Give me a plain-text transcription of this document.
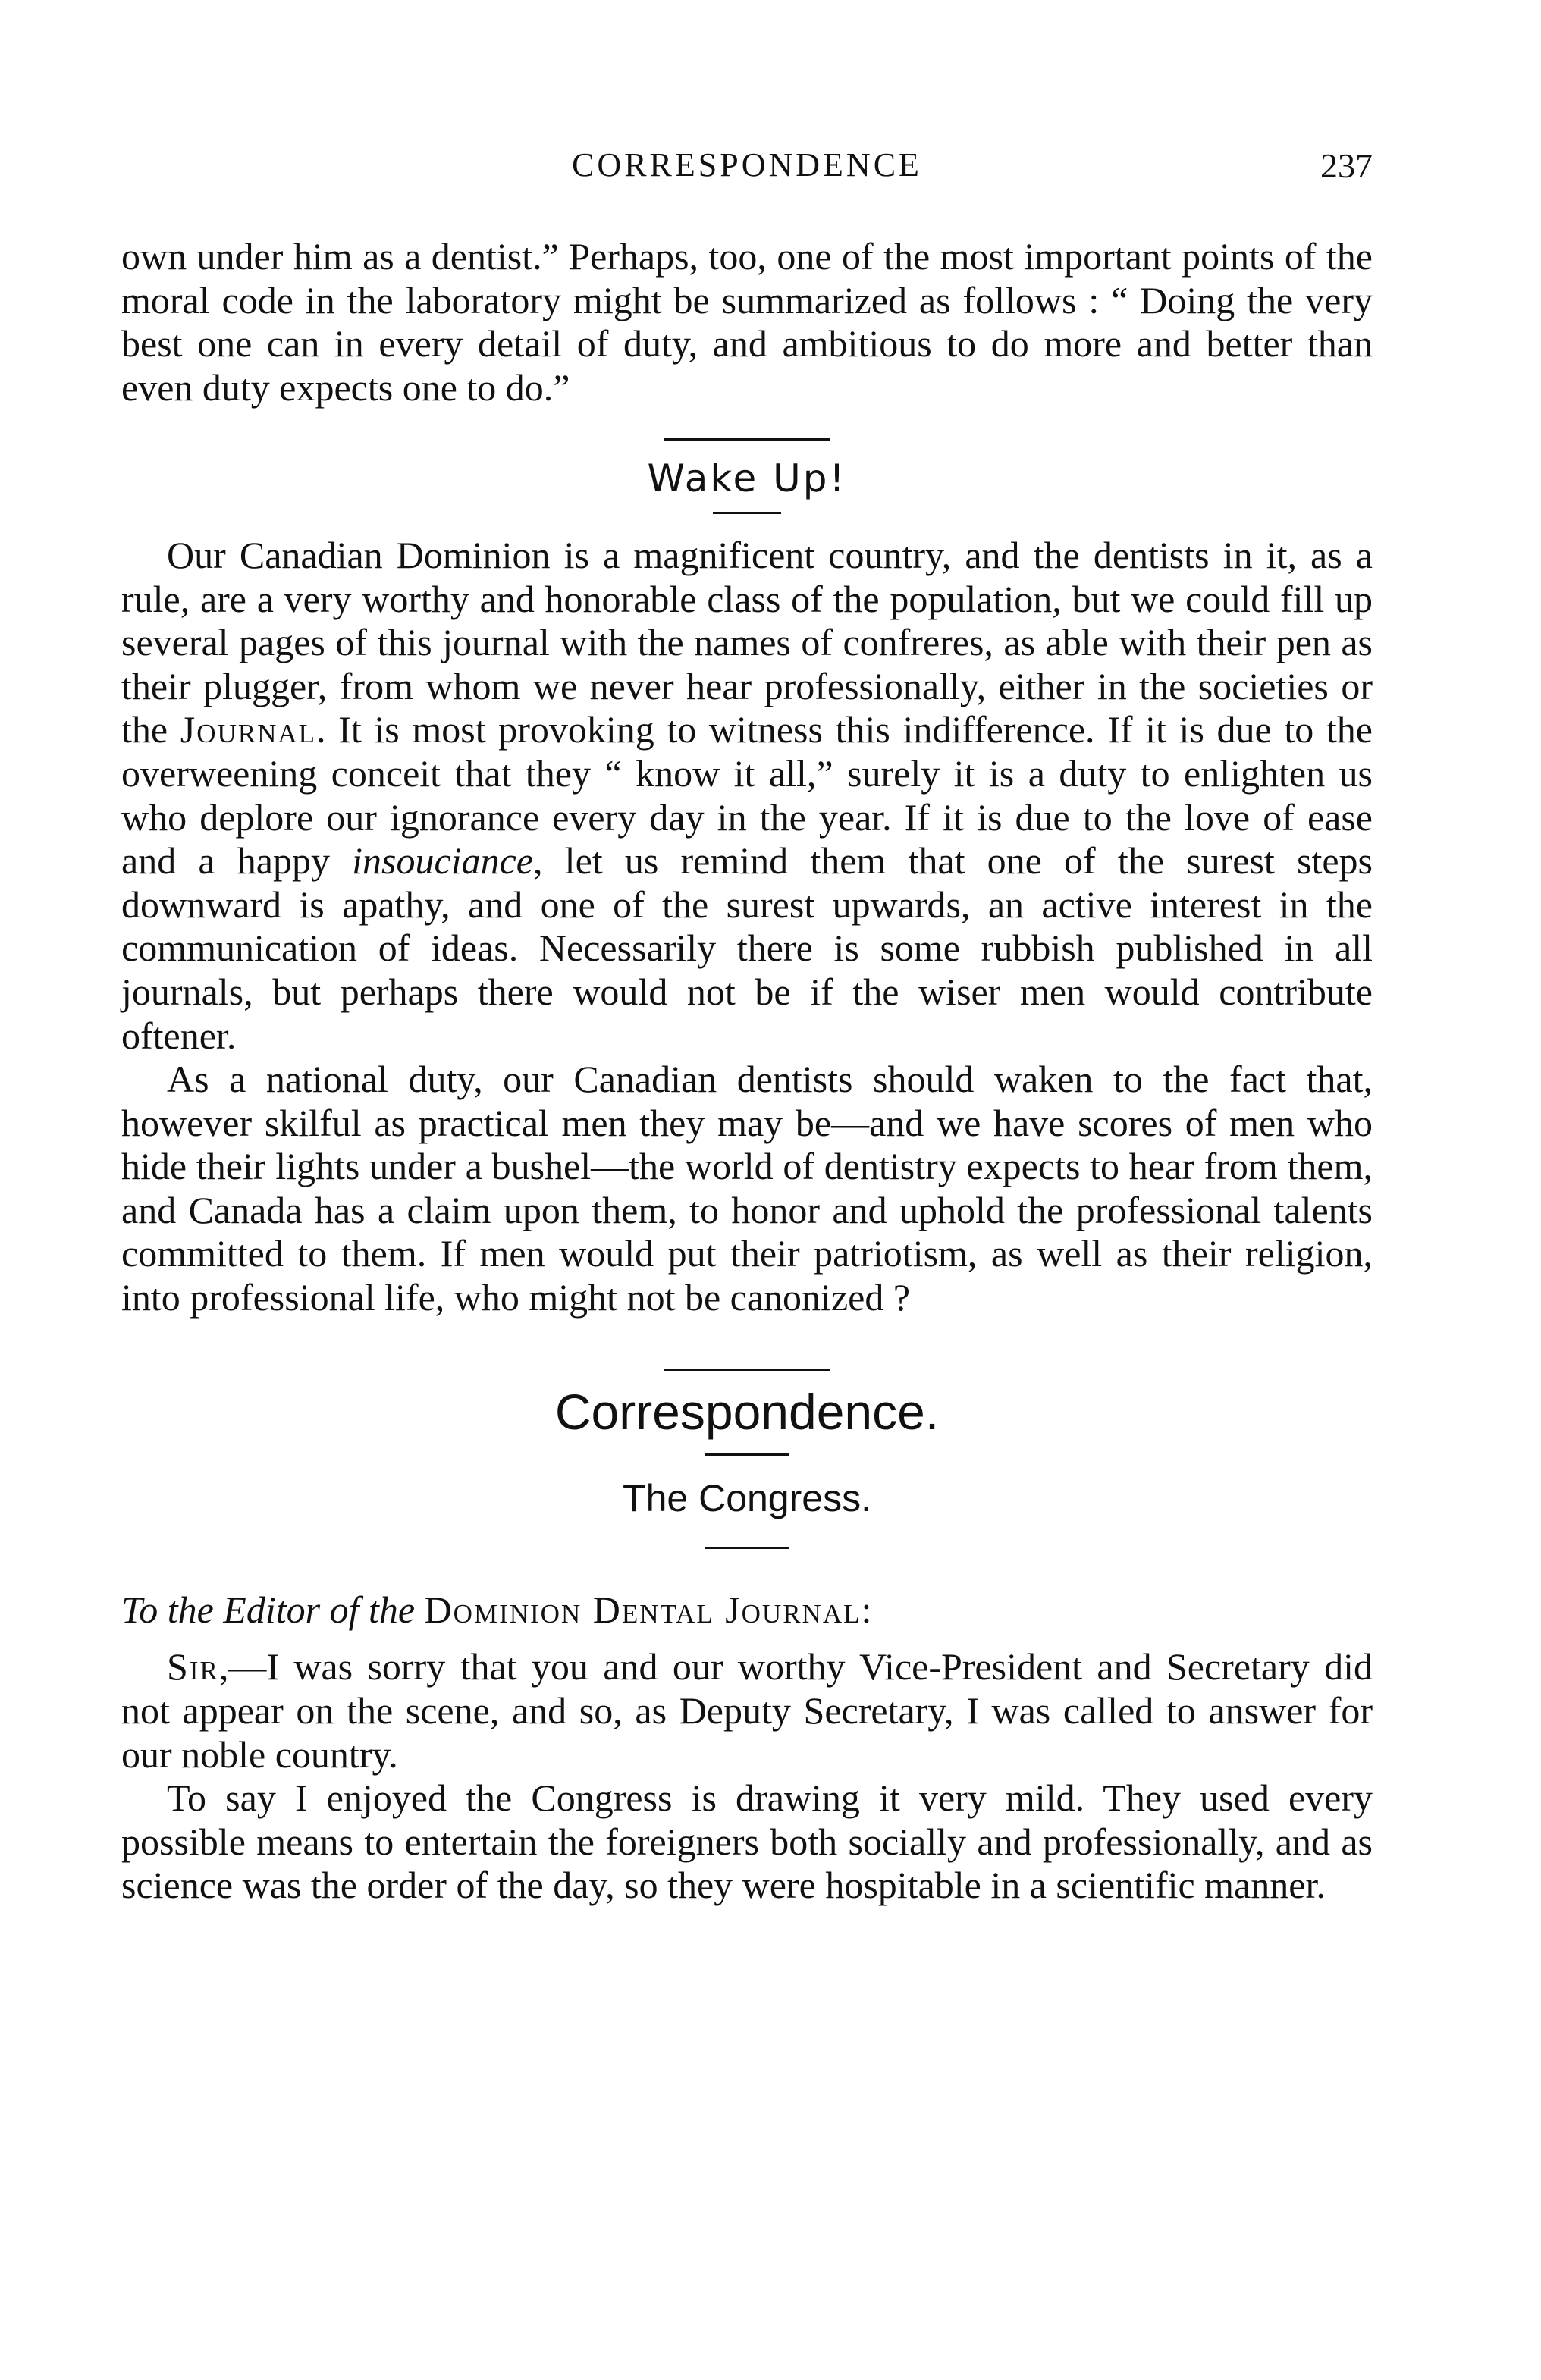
CORRESPONDENCE	237

own under him as a dentist.” Perhaps, too, one of the most important points of the moral code in the laboratory might be summarized as follows : “ Doing the very best one can in every detail of duty, and ambitious to do more and better than even duty expects one to do.”

Wake Up!

Our Canadian Dominion is a magnificent country, and the dentists in it, as a rule, are a very worthy and honorable class of the population, but we could fill up several pages of this journal with the names of confreres, as able with their pen as their plugger, from whom we never hear professionally, either in the societies or the Journal. It is most provoking to witness this indifference. If it is due to the overweening conceit that they “ know it all,” surely it is a duty to enlighten us who deplore our ignorance every day in the year. If it is due to the love of ease and a happy insouciance, let us remind them that one of the surest steps downward is apathy, and one of the surest upwards, an active interest in the communication of ideas. Necessarily there is some rubbish published in all journals, but perhaps there would not be if the wiser men would contribute oftener.

As a national duty, our Canadian dentists should waken to the fact that, however skilful as practical men they may be—and we have scores of men who hide their lights under a bushel—the world of dentistry expects to hear from them, and Canada has a claim upon them, to honor and uphold the professional talents committed to them. If men would put their patriotism, as well as their religion, into professional life, who might not be canonized ?

Correspondence.
The Congress.

To the Editor of the Dominion Dental Journal:

Sir,—I was sorry that you and our worthy Vice-President and Secretary did not appear on the scene, and so, as Deputy Secretary, I was called to answer for our noble country.

To say I enjoyed the Congress is drawing it very mild. They used every possible means to entertain the foreigners both socially and professionally, and as science was the order of the day, so they were hospitable in a scientific manner.
